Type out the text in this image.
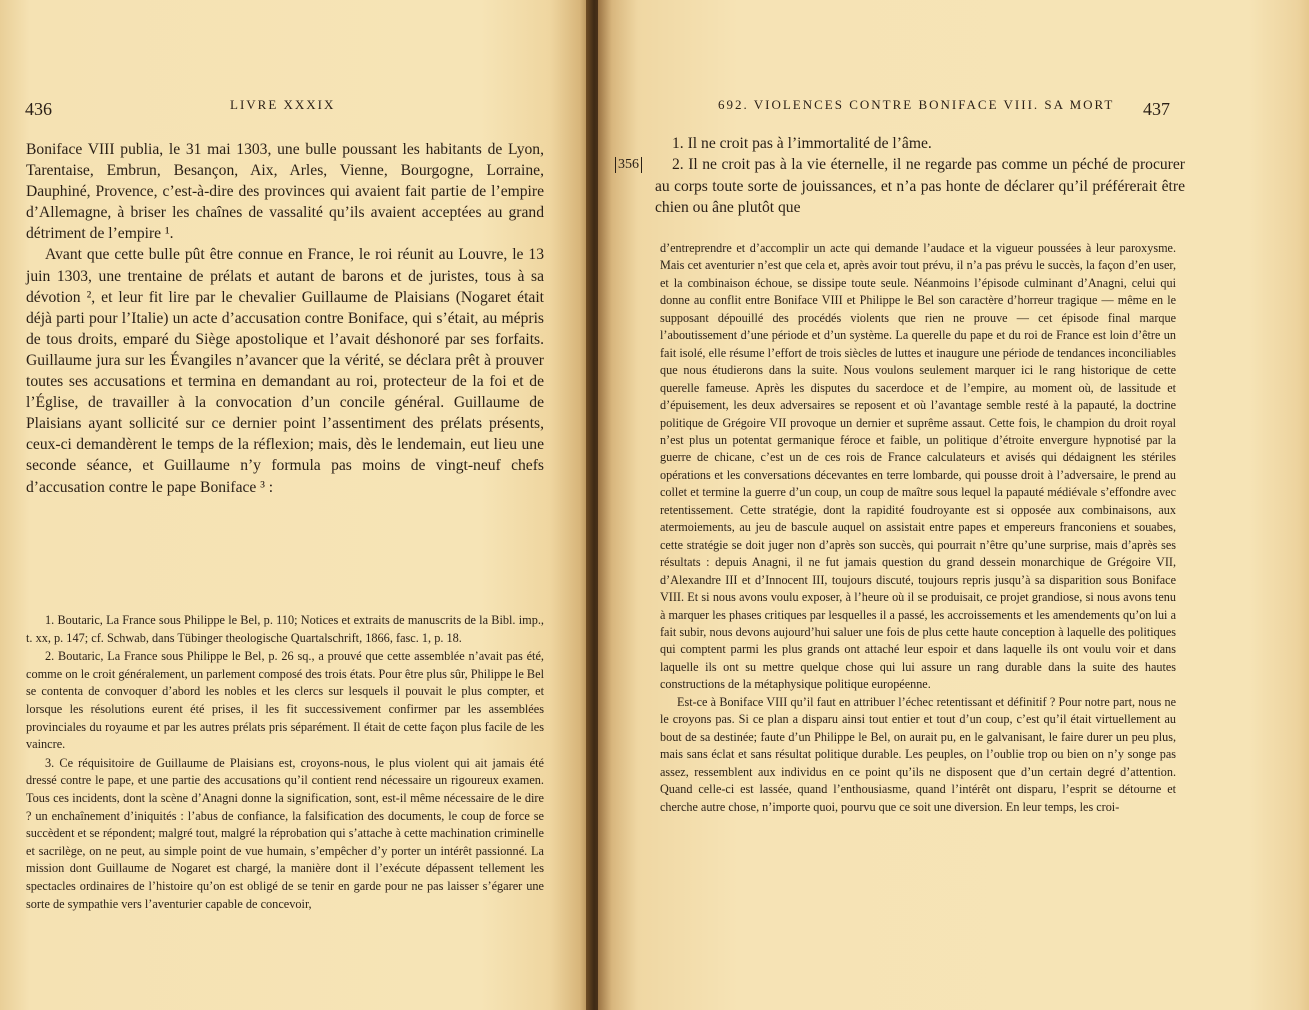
436	LIVRE XXXIX

Boniface VIII publia, le 31 mai 1303, une bulle poussant les habitants de Lyon, Tarentaise, Embrun, Besançon, Aix, Arles, Vienne, Bourgogne, Lorraine, Dauphiné, Provence, c’est-à-dire des provinces qui avaient fait partie de l’empire d’Allemagne, à briser les chaînes de vassalité qu’ils avaient acceptées au grand détriment de l’empire ¹.

Avant que cette bulle pût être connue en France, le roi réunit au Louvre, le 13 juin 1303, une trentaine de prélats et autant de barons et de juristes, tous à sa dévotion ², et leur fit lire par le chevalier Guillaume de Plaisians (Nogaret était déjà parti pour l’Italie) un acte d’accusation contre Boniface, qui s’était, au mépris de tous droits, emparé du Siège apostolique et l’avait déshonoré par ses forfaits. Guillaume jura sur les Évangiles n’avancer que la vérité, se déclara prêt à prouver toutes ses accusations et termina en demandant au roi, protecteur de la foi et de l’Église, de travailler à la convocation d’un concile général. Guillaume de Plaisians ayant sollicité sur ce dernier point l’assentiment des prélats présents, ceux-ci demandèrent le temps de la réflexion; mais, dès le lendemain, eut lieu une seconde séance, et Guillaume n’y formula pas moins de vingt-neuf chefs d’accusation contre le pape Boniface ³ :

1. Boutaric, La France sous Philippe le Bel, p. 110; Notices et extraits de manuscrits de la Bibl. imp., t. xx, p. 147; cf. Schwab, dans Tübinger theologische Quartalschrift, 1866, fasc. 1, p. 18.

2. Boutaric, La France sous Philippe le Bel, p. 26 sq., a prouvé que cette assemblée n’avait pas été, comme on le croit généralement, un parlement composé des trois états. Pour être plus sûr, Philippe le Bel se contenta de convoquer d’abord les nobles et les clercs sur lesquels il pouvait le plus compter, et lorsque les résolutions eurent été prises, il les fit successivement confirmer par les assemblées provinciales du royaume et par les autres prélats pris séparément. Il était de cette façon plus facile de les vaincre.

3. Ce réquisitoire de Guillaume de Plaisians est, croyons-nous, le plus violent qui ait jamais été dressé contre le pape, et une partie des accusations qu’il contient rend nécessaire un rigoureux examen. Tous ces incidents, dont la scène d’Anagni donne la signification, sont, est-il même nécessaire de le dire ? un enchaînement d’iniquités : l’abus de confiance, la falsification des documents, le coup de force se succèdent et se répondent; malgré tout, malgré la réprobation qui s’attache à cette machination criminelle et sacrilège, on ne peut, au simple point de vue humain, s’empêcher d’y porter un intérêt passionné. La mission dont Guillaume de Nogaret est chargé, la manière dont il l’exécute dépassent tellement les spectacles ordinaires de l’histoire qu’on est obligé de se tenir en garde pour ne pas laisser s’égarer une sorte de sympathie vers l’aventurier capable de concevoir,

692. VIOLENCES CONTRE BONIFACE VIII. SA MORT 437
356

1. Il ne croit pas à l’immortalité de l’âme.

2. Il ne croit pas à la vie éternelle, il ne regarde pas comme un péché de procurer au corps toute sorte de jouissances, et n’a pas honte de déclarer qu’il préférerait être chien ou âne plutôt que

d’entreprendre et d’accomplir un acte qui demande l’audace et la vigueur poussées à leur paroxysme. Mais cet aventurier n’est que cela et, après avoir tout prévu, il n’a pas prévu le succès, la façon d’en user, et la combinaison échoue, se dissipe toute seule. Néanmoins l’épisode culminant d’Anagni, celui qui donne au conflit entre Boniface VIII et Philippe le Bel son caractère d’horreur tragique — même en le supposant dépouillé des procédés violents que rien ne prouve — cet épisode final marque l’aboutissement d’une période et d’un système. La querelle du pape et du roi de France est loin d’être un fait isolé, elle résume l’effort de trois siècles de luttes et inaugure une période de tendances inconciliables que nous étudierons dans la suite. Nous voulons seulement marquer ici le rang historique de cette querelle fameuse. Après les disputes du sacerdoce et de l’empire, au moment où, de lassitude et d’épuisement, les deux adversaires se reposent et où l’avantage semble resté à la papauté, la doctrine politique de Grégoire VII provoque un dernier et suprême assaut. Cette fois, le champion du droit royal n’est plus un potentat germanique féroce et faible, un politique d’étroite envergure hypnotisé par la guerre de chicane, c’est un de ces rois de France calculateurs et avisés qui dédaignent les stériles opérations et les conversations décevantes en terre lombarde, qui pousse droit à l’adversaire, le prend au collet et termine la guerre d’un coup, un coup de maître sous lequel la papauté médiévale s’effondre avec retentissement. Cette stratégie, dont la rapidité foudroyante est si opposée aux combinaisons, aux atermoiements, au jeu de bascule auquel on assistait entre papes et empereurs franconiens et souabes, cette stratégie se doit juger non d’après son succès, qui pourrait n’être qu’une surprise, mais d’après ses résultats : depuis Anagni, il ne fut jamais question du grand dessein monarchique de Grégoire VII, d’Alexandre III et d’Innocent III, toujours discuté, toujours repris jusqu’à sa disparition sous Boniface VIII. Et si nous avons voulu exposer, à l’heure où il se produisait, ce projet grandiose, si nous avons tenu à marquer les phases critiques par lesquelles il a passé, les accroissements et les amendements qu’on lui a fait subir, nous devons aujourd’hui saluer une fois de plus cette haute conception à laquelle des politiques qui comptent parmi les plus grands ont attaché leur espoir et dans laquelle ils ont voulu voir et dans laquelle ils ont su mettre quelque chose qui lui assure un rang durable dans la suite des hautes constructions de la métaphysique politique européenne.

Est-ce à Boniface VIII qu’il faut en attribuer l’échec retentissant et définitif ? Pour notre part, nous ne le croyons pas. Si ce plan a disparu ainsi tout entier et tout d’un coup, c’est qu’il était virtuellement au bout de sa destinée; faute d’un Philippe le Bel, on aurait pu, en le galvanisant, le faire durer un peu plus, mais sans éclat et sans résultat politique durable. Les peuples, on l’oublie trop ou bien on n’y songe pas assez, ressemblent aux individus en ce point qu’ils ne disposent que d’un certain degré d’attention. Quand celle-ci est lassée, quand l’enthousiasme, quand l’intérêt ont disparu, l’esprit se détourne et cherche autre chose, n’importe quoi, pourvu que ce soit une diversion. En leur temps, les croi-
